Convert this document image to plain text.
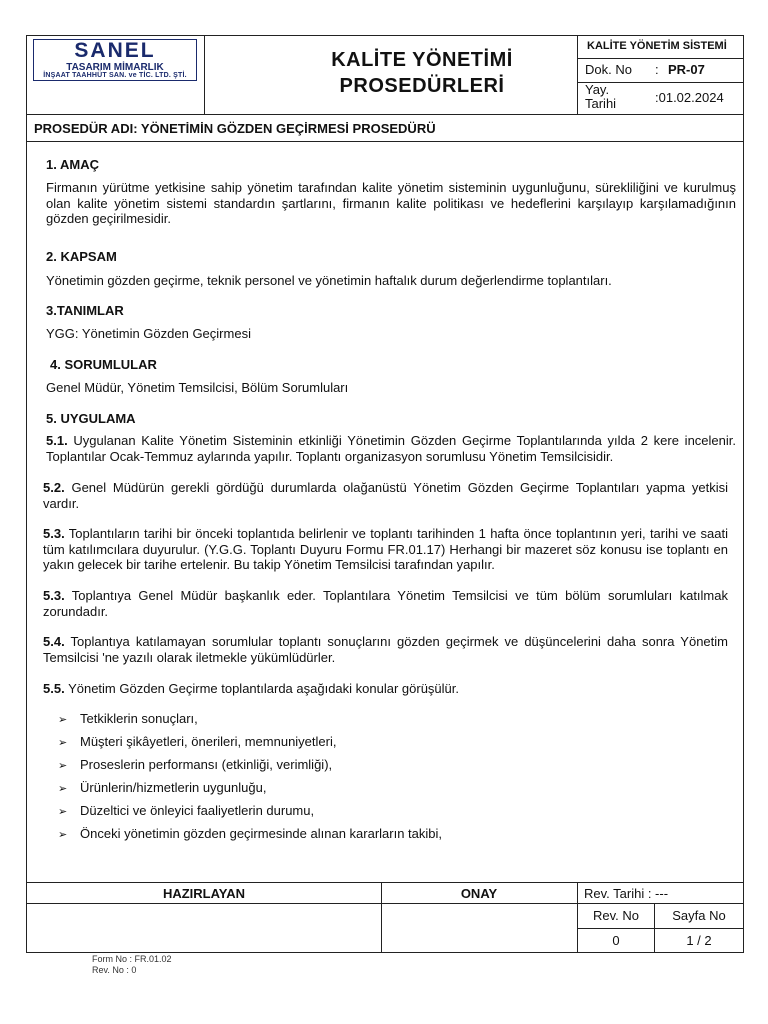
SANEL
TASARIM MİMARLIK
İNŞAAT TAAHHÜT SAN. ve TİC. LTD. ŞTİ.
KALİTE YÖNETİMİ
PROSEDÜRLERİ
KALİTE YÖNETİM SİSTEMİ
Dok. No : PR-07
Yay.
Tarihi	:01.02.2024
PROSEDÜR ADI: YÖNETİMİN GÖZDEN GEÇİRMESİ PROSEDÜRÜ
1. AMAÇ
Firmanın yürütme yetkisine sahip yönetim tarafından kalite yönetim sisteminin uygunluğunu, sürekliliğini ve kurulmuş olan kalite yönetim sistemi standardın şartlarını, firmanın kalite politikası ve hedeflerini karşılayıp karşılamadığının gözden geçirilmesidir.
2. KAPSAM
Yönetimin gözden geçirme, teknik personel ve yönetimin haftalık durum değerlendirme toplantıları.
3.TANIMLAR
YGG: Yönetimin Gözden Geçirmesi
4. SORUMLULAR
Genel Müdür, Yönetim Temsilcisi, Bölüm Sorumluları
5. UYGULAMA
5.1. Uygulanan Kalite Yönetim Sisteminin etkinliği Yönetimin Gözden Geçirme Toplantılarında yılda 2 kere incelenir. Toplantılar Ocak-Temmuz aylarında yapılır. Toplantı organizasyon sorumlusu Yönetim Temsilcisidir.
5.2. Genel Müdürün gerekli gördüğü durumlarda olağanüstü Yönetim Gözden Geçirme Toplantıları yapma yetkisi vardır.
5.3. Toplantıların tarihi bir önceki toplantıda belirlenir ve toplantı tarihinden 1 hafta önce toplantının yeri, tarihi ve saati tüm katılımcılara duyurulur. (Y.G.G. Toplantı Duyuru Formu FR.01.17) Herhangi bir mazeret söz konusu ise toplantı en yakın gelecek bir tarihe ertelenir. Bu takip Yönetim Temsilcisi tarafından yapılır.
5.3. Toplantıya Genel Müdür başkanlık eder. Toplantılara Yönetim Temsilcisi ve tüm bölüm sorumluları katılmak zorundadır.
5.4. Toplantıya katılamayan sorumlular toplantı sonuçlarını gözden geçirmek ve düşüncelerini daha sonra Yönetim Temsilcisi 'ne yazılı olarak iletmekle yükümlüdürler.
5.5. Yönetim Gözden Geçirme toplantılarda aşağıdaki konular görüşülür.
➢ Tetkiklerin sonuçları,
➢ Müşteri şikâyetleri, önerileri, memnuniyetleri,
➢ Proseslerin performansı (etkinliği, verimliği),
➢ Ürünlerin/hizmetlerin uygunluğu,
➢ Düzeltici ve önleyici faaliyetlerin durumu,
➢ Önceki yönetimin gözden geçirmesinde alınan kararların takibi,
HAZIRLAYAN	ONAY	Rev. Tarihi : ---
Rev. No	Sayfa No
0	1 / 2
Form No : FR.01.02
Rev. No : 0
